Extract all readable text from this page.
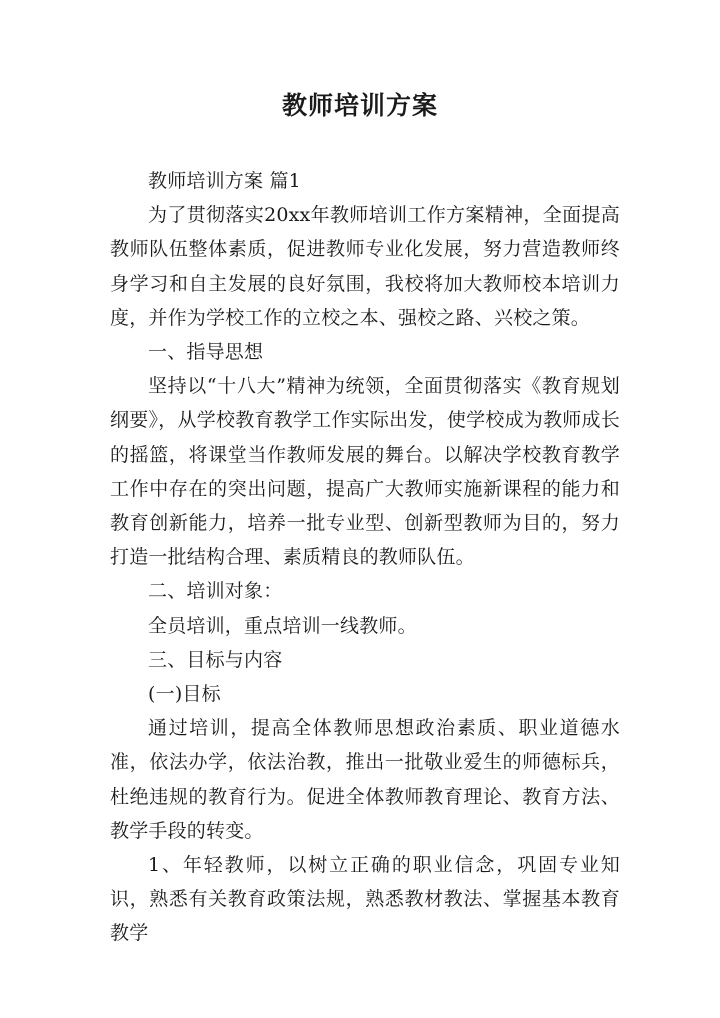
教师培训方案

教师培训方案 篇1

为了贯彻落实20xx年教师培训工作方案精神，全面提高教师队伍整体素质，促进教师专业化发展，努力营造教师终身学习和自主发展的良好氛围，我校将加大教师校本培训力度，并作为学校工作的立校之本、强校之路、兴校之策。

一、指导思想

坚持以“十八大”精神为统领，全面贯彻落实《教育规划纲要》，从学校教育教学工作实际出发，使学校成为教师成长的摇篮，将课堂当作教师发展的舞台。以解决学校教育教学工作中存在的突出问题，提高广大教师实施新课程的能力和教育创新能力，培养一批专业型、创新型教师为目的，努力打造一批结构合理、素质精良的教师队伍。

二、培训对象：

全员培训，重点培训一线教师。

三、目标与内容

(一)目标

通过培训，提高全体教师思想政治素质、职业道德水准，依法办学，依法治教，推出一批敬业爱生的师德标兵，杜绝违规的教育行为。促进全体教师教育理论、教育方法、教学手段的转变。

1、年轻教师，以树立正确的职业信念，巩固专业知识，熟悉有关教育政策法规，熟悉教材教法、掌握基本教育教学
